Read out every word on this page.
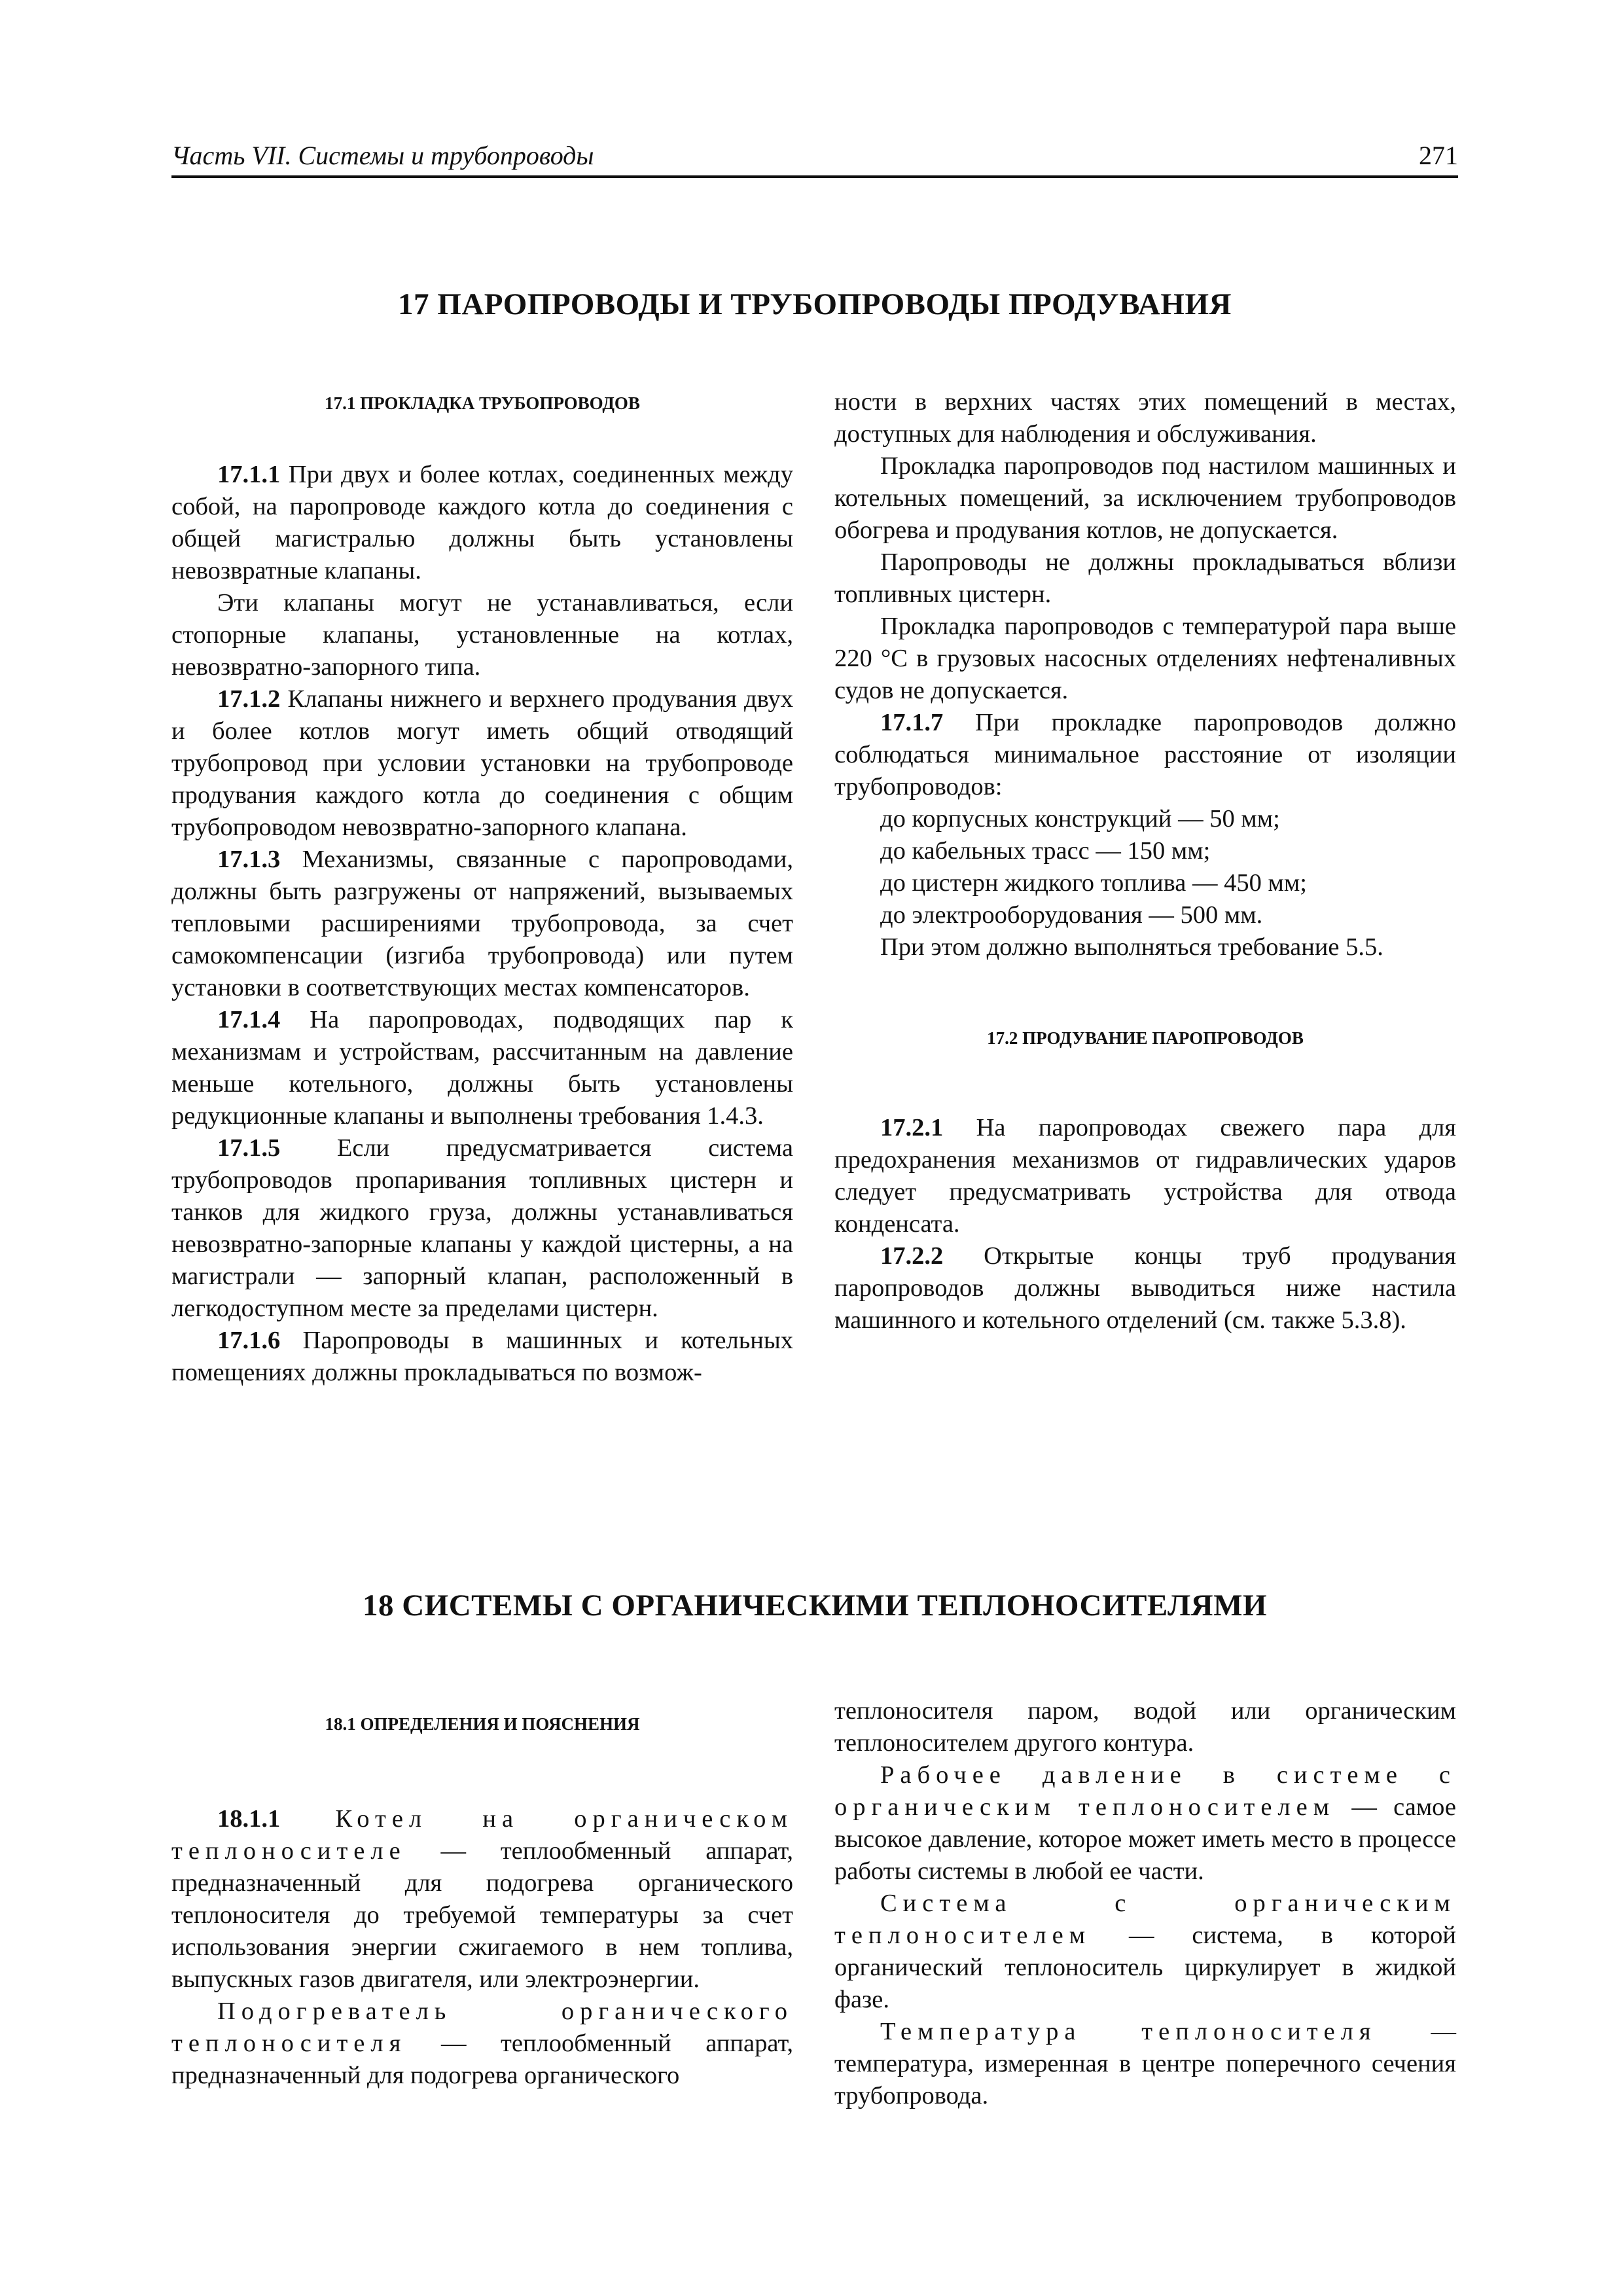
Часть VII. Системы и трубопроводы	271
17 ПАРОПРОВОДЫ И ТРУБОПРОВОДЫ ПРОДУВАНИЯ

17.1 ПРОКЛАДКА ТРУБОПРОВОДОВ

17.1.1 При двух и более котлах, соединенных между собой, на паропроводе каждого котла до соединения с общей магистралью должны быть установлены невозвратные клапаны.

Эти клапаны могут не устанавливаться, если стопорные клапаны, установленные на котлах, невозвратно-запорного типа.

17.1.2 Клапаны нижнего и верхнего продувания двух и более котлов могут иметь общий отводящий трубопровод при условии установки на трубопроводе продувания каждого котла до соединения с общим трубопроводом невозвратно-запорного клапана.

17.1.3 Механизмы, связанные с паропроводами, должны быть разгружены от напряжений, вызываемых тепловыми расширениями трубопровода, за счет самокомпенсации (изгиба трубопровода) или путем установки в соответствующих местах компенсаторов.

17.1.4 На паропроводах, подводящих пар к механизмам и устройствам, рассчитанным на давление меньше котельного, должны быть установлены редукционные клапаны и выполнены требования 1.4.3.

17.1.5 Если предусматривается система трубопроводов пропаривания топливных цистерн и танков для жидкого груза, должны устанавливаться невозвратно-запорные клапаны у каждой цистерны, а на магистрали — запорный клапан, расположенный в легкодоступном месте за пределами цистерн.

17.1.6 Паропроводы в машинных и котельных помещениях должны прокладываться по возмож-

ности в верхних частях этих помещений в местах, доступных для наблюдения и обслуживания.

Прокладка паропроводов под настилом машинных и котельных помещений, за исключением трубопроводов обогрева и продувания котлов, не допускается.

Паропроводы не должны прокладываться вблизи топливных цистерн.

Прокладка паропроводов с температурой пара выше 220 °C в грузовых насосных отделениях нефтеналивных судов не допускается.

17.1.7 При прокладке паропроводов должно соблюдаться минимальное расстояние от изоляции трубопроводов:

до корпусных конструкций — 50 мм;

до кабельных трасс — 150 мм;

до цистерн жидкого топлива — 450 мм;

до электрооборудования — 500 мм.

При этом должно выполняться требование 5.5.

17.2 ПРОДУВАНИЕ ПАРОПРОВОДОВ

17.2.1 На паропроводах свежего пара для предохранения механизмов от гидравлических ударов следует предусматривать устройства для отвода конденсата.

17.2.2 Открытые концы труб продувания паропроводов должны выводиться ниже настила машинного и котельного отделений (см. также 5.3.8).

18 СИСТЕМЫ С ОРГАНИЧЕСКИМИ ТЕПЛОНОСИТЕЛЯМИ

18.1 ОПРЕДЕЛЕНИЯ И ПОЯСНЕНИЯ

18.1.1 Котел на органическом теплоносителе — теплообменный аппарат, предназначенный для подогрева органического теплоносителя до требуемой температуры за счет использования энергии сжигаемого в нем топлива, выпускных газов двигателя, или электроэнергии.

Подогреватель органического теплоносителя — теплообменный аппарат, предназначенный для подогрева органического

теплоносителя паром, водой или органическим теплоносителем другого контура.

Рабочее давление в системе с органическим теплоносителем — самое высокое давление, которое может иметь место в процессе работы системы в любой ее части.

Система с органическим теплоносителем — система, в которой органический теплоноситель циркулирует в жидкой фазе.

Температура теплоносителя — температура, измеренная в центре поперечного сечения трубопровода.
